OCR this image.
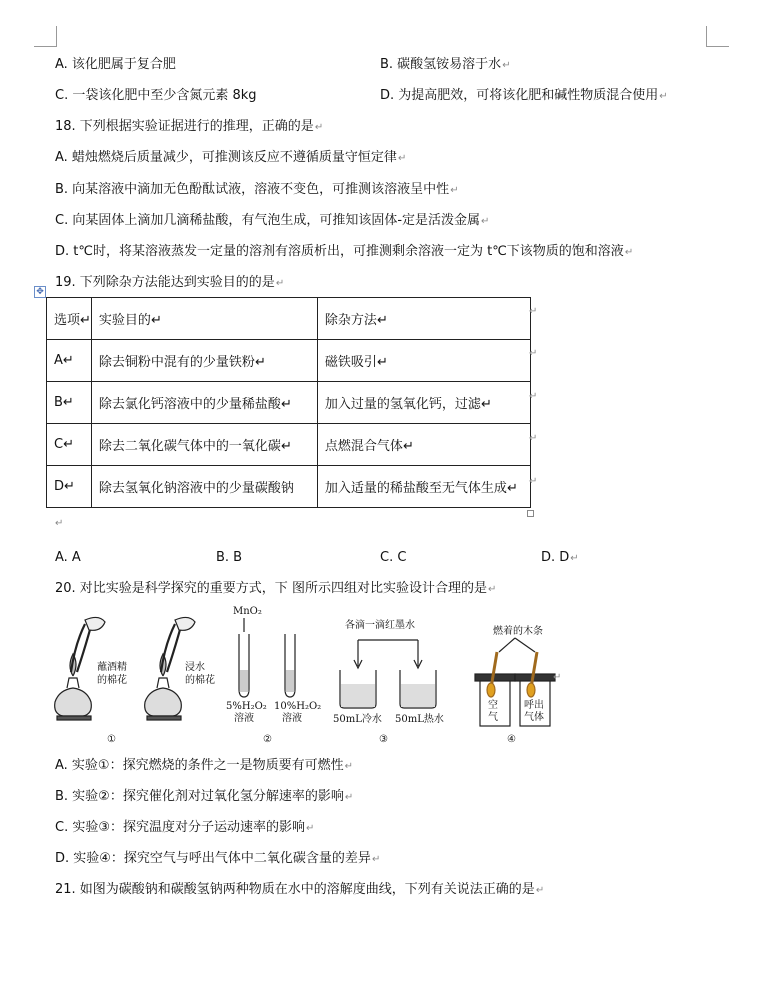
A. 该化肥属于复合肥	B. 碳酸氢铵易溶于水↵
C. 一袋该化肥中至少含氮元素 8kg	D. 为提高肥效，可将该化肥和碱性物质混合使用↵
18. 下列根据实验证据进行的推理，正确的是↵
A. 蜡烛燃烧后质量减少，可推测该反应不遵循质量守恒定律↵
B. 向某溶液中滴加无色酚酞试液，溶液不变色，可推测该溶液呈中性↵
C. 向某固体上滴加几滴稀盐酸，有气泡生成，可推知该固体-定是活泼金属↵
D. t℃时，将某溶液蒸发一定量的溶剂有溶质析出，可推测剩余溶液一定为 t℃下该物质的饱和溶液↵
✥
19. 下列除杂方法能达到实验目的的是↵
选项↵	实验目的↵	除杂方法↵
A↵	除去铜粉中混有的少量铁粉↵	磁铁吸引↵
B↵	除去氯化钙溶液中的少量稀盐酸↵	加入过量的氢氧化钙，过滤↵
C↵	除去二氧化碳气体中的一氧化碳↵	点燃混合气体↵
D↵	除去氢氧化钠溶液中的少量碳酸钠	加入适量的稀盐酸至无气体生成↵
↵
↵
↵
↵
↵
↵
A. A	B. B	C. C	D. D↵
20. 对比实验是科学探究的重要方式，下 图所示四组对比实验设计合理的是↵
蘸酒精
的棉花
浸水
的棉花
①
MnO₂
5%H₂O₂
溶液
10%H₂O₂
溶液
②
各滴一滴红墨水
50mL冷水 50mL热水
③
燃着的木条
空
气
呼出
气体
④
↵
A. 实验①：探究燃烧的条件之一是物质要有可燃性↵
B. 实验②：探究催化剂对过氧化氢分解速率的影响↵
C. 实验③：探究温度对分子运动速率的影响↵
D. 实验④：探究空气与呼出气体中二氧化碳含量的差异↵
21. 如图为碳酸钠和碳酸氢钠两种物质在水中的溶解度曲线，下列有关说法正确的是↵
